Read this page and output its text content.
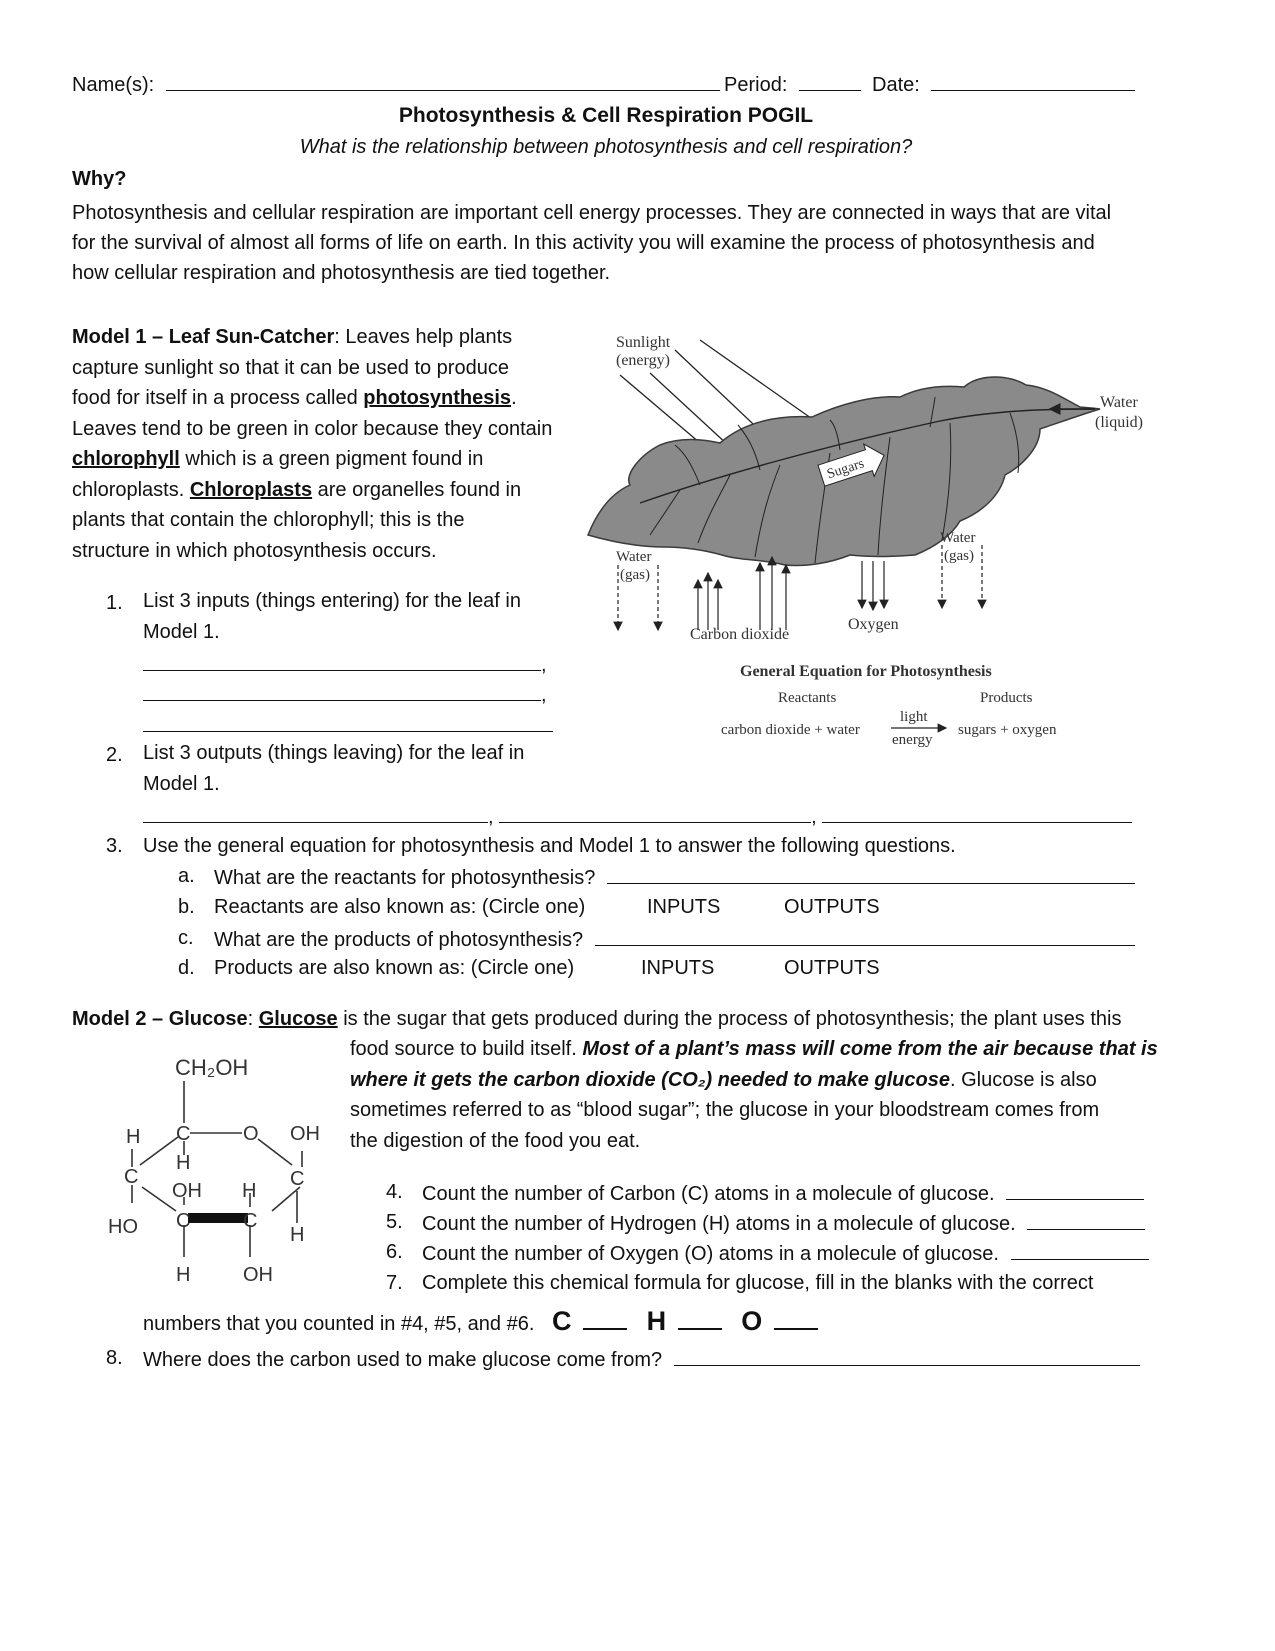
Name(s):	Period:	Date:
Photosynthesis & Cell Respiration POGIL
What is the relationship between photosynthesis and cell respiration?
Why?
Photosynthesis and cellular respiration are important cell energy processes. They are connected in ways that are vital
for the survival of almost all forms of life on earth. In this activity you will examine the process of photosynthesis and
how cellular respiration and photosynthesis are tied together.
Model 1 – Leaf Sun-Catcher: Leaves help plants
capture sunlight so that it can be used to produce
food for itself in a process called photosynthesis.
Leaves tend to be green in color because they contain
chlorophyll which is a green pigment found in
chloroplasts. Chloroplasts are organelles found in
plants that contain the chlorophyll; this is the
structure in which photosynthesis occurs.
Sunlight
(energy)
Sugars
Water
(liquid)
Water
(gas)
Water
(gas)
Carbon dioxide
Oxygen
General Equation for Photosynthesis
Reactants	Products
carbon dioxide + water
light
energy
sugars + oxygen
1. List 3 inputs (things entering) for the leaf in
Model 1.
,
,
2. List 3 outputs (things leaving) for the leaf in
Model 1.
,	,
3. Use the general equation for photosynthesis and Model 1 to answer the following questions.
a. What are the reactants for photosynthesis?
b. Reactants are also known as: (Circle one)	INPUTS	OUTPUTS
c. What are the products of photosynthesis?
d. Products are also known as: (Circle one)	INPUTS	OUTPUTS
Model 2 – Glucose: Glucose is the sugar that gets produced during the process of photosynthesis; the plant uses this
food source to build itself. Most of a plant’s mass will come from the air because that is
where it gets the carbon dioxide (CO₂) needed to make glucose. Glucose is also
sometimes referred to as “blood sugar”; the glucose in your bloodstream comes from
the digestion of the food you eat.
CH₂OH
H C	O OH
H
C	C
OH H
HO C	C
H
H	OH
4. Count the number of Carbon (C) atoms in a molecule of glucose.
5. Count the number of Hydrogen (H) atoms in a molecule of glucose.
6. Count the number of Oxygen (O) atoms in a molecule of glucose.
7. Complete this chemical formula for glucose, fill in the blanks with the correct
numbers that you counted in #4, #5, and #6. C	H	O
8. Where does the carbon used to make glucose come from?
